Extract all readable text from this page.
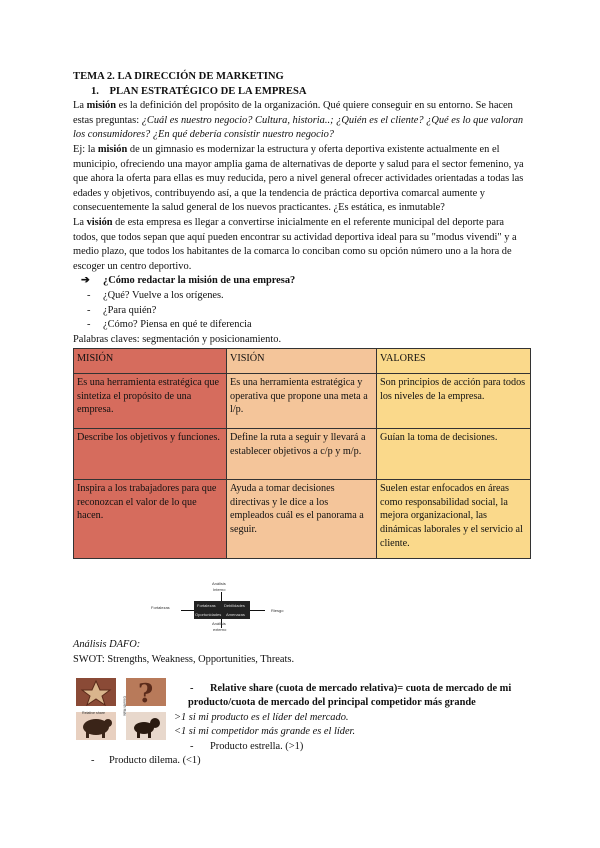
TEMA 2. LA DIRECCIÓN DE MARKETING
1. PLAN ESTRATÉGICO DE LA EMPRESA

La misión es la definición del propósito de la organización. Qué quiere conseguir en su entorno. Se hacen estas preguntas: ¿Cuál es nuestro negocio? Cultura, historia..; ¿Quién es el cliente? ¿Qué es lo que valoran los consumidores? ¿En qué debería consistir nuestro negocio?

Ej: la misión de un gimnasio es modernizar la estructura y oferta deportiva existente actualmente en el municipio, ofreciendo una mayor amplia gama de alternativas de deporte y salud para el sector femenino, ya que ahora la oferta para ellas es muy reducida, pero a nivel general ofrecer actividades orientadas a todas las edades y objetivos, contribuyendo así, a que la tendencia de práctica deportiva comarcal aumente y consecuentemente la salud general de los nuevos practicantes. ¿Es estática, es inmutable?

La visión de esta empresa es llegar a convertirse inicialmente en el referente municipal del deporte para todos, que todos sepan que aquí pueden encontrar su actividad deportiva ideal para su "modus vivendi" y a medio plazo, que todos los habitantes de la comarca lo conciban como su opción número uno a la hora de escoger un centro deportivo.

➔ ¿Cómo redactar la misión de una empresa?
- ¿Qué? Vuelve a los orígenes.
- ¿Para quién?
- ¿Cómo? Piensa en qué te diferencia
Palabras claves: segmentación y posicionamiento.
MISIÓN	VISIÓN	VALORES
Es una herramienta estratégica que sintetiza el propósito de una empresa.	Es una herramienta estratégica y operativa que propone una meta a l/p.	Son principios de acción para todos los niveles de la empresa.
Describe los objetivos y funciones.	Define la ruta a seguir y llevará a establecer objetivos a c/p y m/p.	Guían la toma de decisiones.
Inspira a los trabajadores para que reconozcan el valor de lo que hacen.	Ayuda a tomar decisiones directivas y le dice a los empleados cuál es el panorama a seguir.	Suelen estar enfocados en áreas como responsabilidad social, la mejora organizacional, las dinámicas laborales y el servicio al cliente.
Análisis
Interno
Fortalezas
Riesgo
Análisis
externo
Fortalezas Debilidades
Oportunidades Amenazas
Análisis DAFO:
SWOT: Strengths, Weakness, Opportunities, Threats.
?
Relative share	Growth Rate
- Relative share (cuota de mercado relativa)= cuota de mercado de mi producto/cuota de mercado del principal competidor más grande
>1 si mi producto es el líder del mercado.
<1 si mi competidor más grande es el líder.
- Producto estrella. (>1)
- Producto dilema. (<1)
